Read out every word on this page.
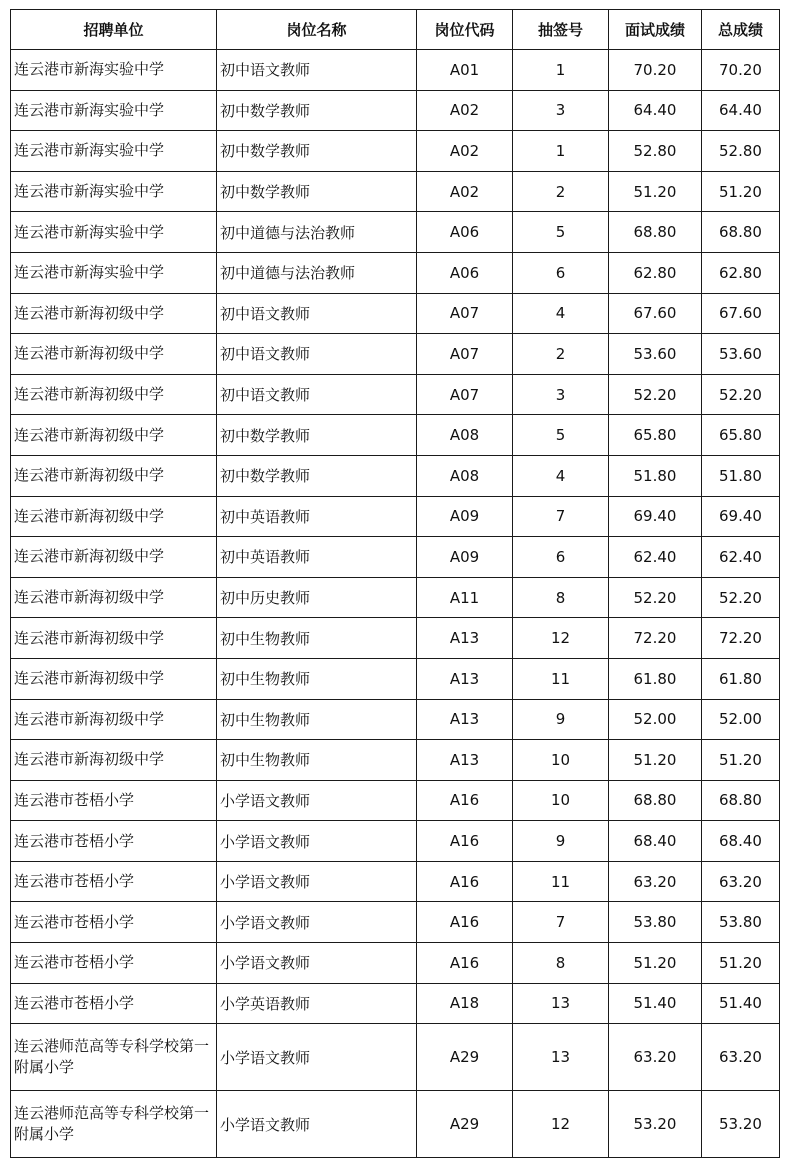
招聘单位	岗位名称	岗位代码	抽签号	面试成绩	总成绩
连云港市新海实验中学	初中语文教师	A01	1	70.20	70.20
连云港市新海实验中学	初中数学教师	A02	3	64.40	64.40
连云港市新海实验中学	初中数学教师	A02	1	52.80	52.80
连云港市新海实验中学	初中数学教师	A02	2	51.20	51.20
连云港市新海实验中学	初中道德与法治教师	A06	5	68.80	68.80
连云港市新海实验中学	初中道德与法治教师	A06	6	62.80	62.80
连云港市新海初级中学	初中语文教师	A07	4	67.60	67.60
连云港市新海初级中学	初中语文教师	A07	2	53.60	53.60
连云港市新海初级中学	初中语文教师	A07	3	52.20	52.20
连云港市新海初级中学	初中数学教师	A08	5	65.80	65.80
连云港市新海初级中学	初中数学教师	A08	4	51.80	51.80
连云港市新海初级中学	初中英语教师	A09	7	69.40	69.40
连云港市新海初级中学	初中英语教师	A09	6	62.40	62.40
连云港市新海初级中学	初中历史教师	A11	8	52.20	52.20
连云港市新海初级中学	初中生物教师	A13	12	72.20	72.20
连云港市新海初级中学	初中生物教师	A13	11	61.80	61.80
连云港市新海初级中学	初中生物教师	A13	9	52.00	52.00
连云港市新海初级中学	初中生物教师	A13	10	51.20	51.20
连云港市苍梧小学	小学语文教师	A16	10	68.80	68.80
连云港市苍梧小学	小学语文教师	A16	9	68.40	68.40
连云港市苍梧小学	小学语文教师	A16	11	63.20	63.20
连云港市苍梧小学	小学语文教师	A16	7	53.80	53.80
连云港市苍梧小学	小学语文教师	A16	8	51.20	51.20
连云港市苍梧小学	小学英语教师	A18	13	51.40	51.40
连云港师范高等专科学校第一附属小学	小学语文教师	A29	13	63.20	63.20
连云港师范高等专科学校第一附属小学	小学语文教师	A29	12	53.20	53.20
